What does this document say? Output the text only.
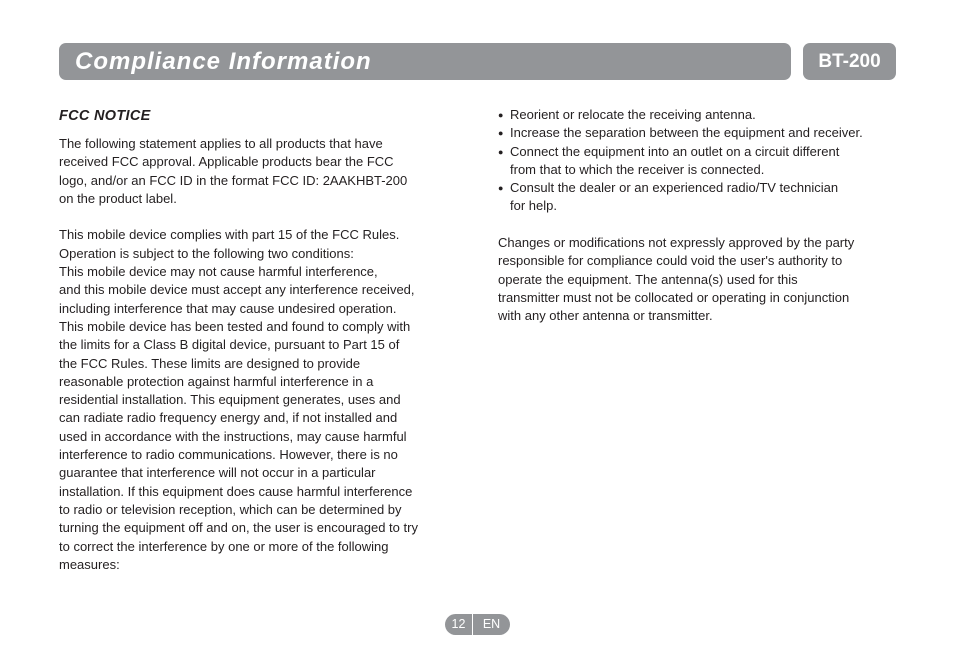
Compliance Information	BT-200
FCC NOTICE
The following statement applies to all products that have
received FCC approval. Applicable products bear the FCC
logo, and/or an FCC ID in the format FCC ID: 2AAKHBT-200
on the product label.
This mobile device complies with part 15 of the FCC Rules.
Operation is subject to the following two conditions:
This mobile device may not cause harmful interference,
and this mobile device must accept any interference received,
including interference that may cause undesired operation.
This mobile device has been tested and found to comply with
the limits for a Class B digital device, pursuant to Part 15 of
the FCC Rules. These limits are designed to provide
reasonable protection against harmful interference in a
residential installation. This equipment generates, uses and
can radiate radio frequency energy and, if not installed and
used in accordance with the instructions, may cause harmful
interference to radio communications. However, there is no
guarantee that interference will not occur in a particular
installation. If this equipment does cause harmful interference
to radio or television reception, which can be determined by
turning the equipment off and on, the user is encouraged to try
to correct the interference by one or more of the following
measures:
● Reorient or relocate the receiving antenna.
● Increase the separation between the equipment and receiver.
● Connect the equipment into an outlet on a circuit different
from that to which the receiver is connected.
● Consult the dealer or an experienced radio/TV technician
for help.
Changes or modifications not expressly approved by the party
responsible for compliance could void the user's authority to
operate the equipment. The antenna(s) used for this
transmitter must not be collocated or operating in conjunction
with any other antenna or transmitter.
12	EN
